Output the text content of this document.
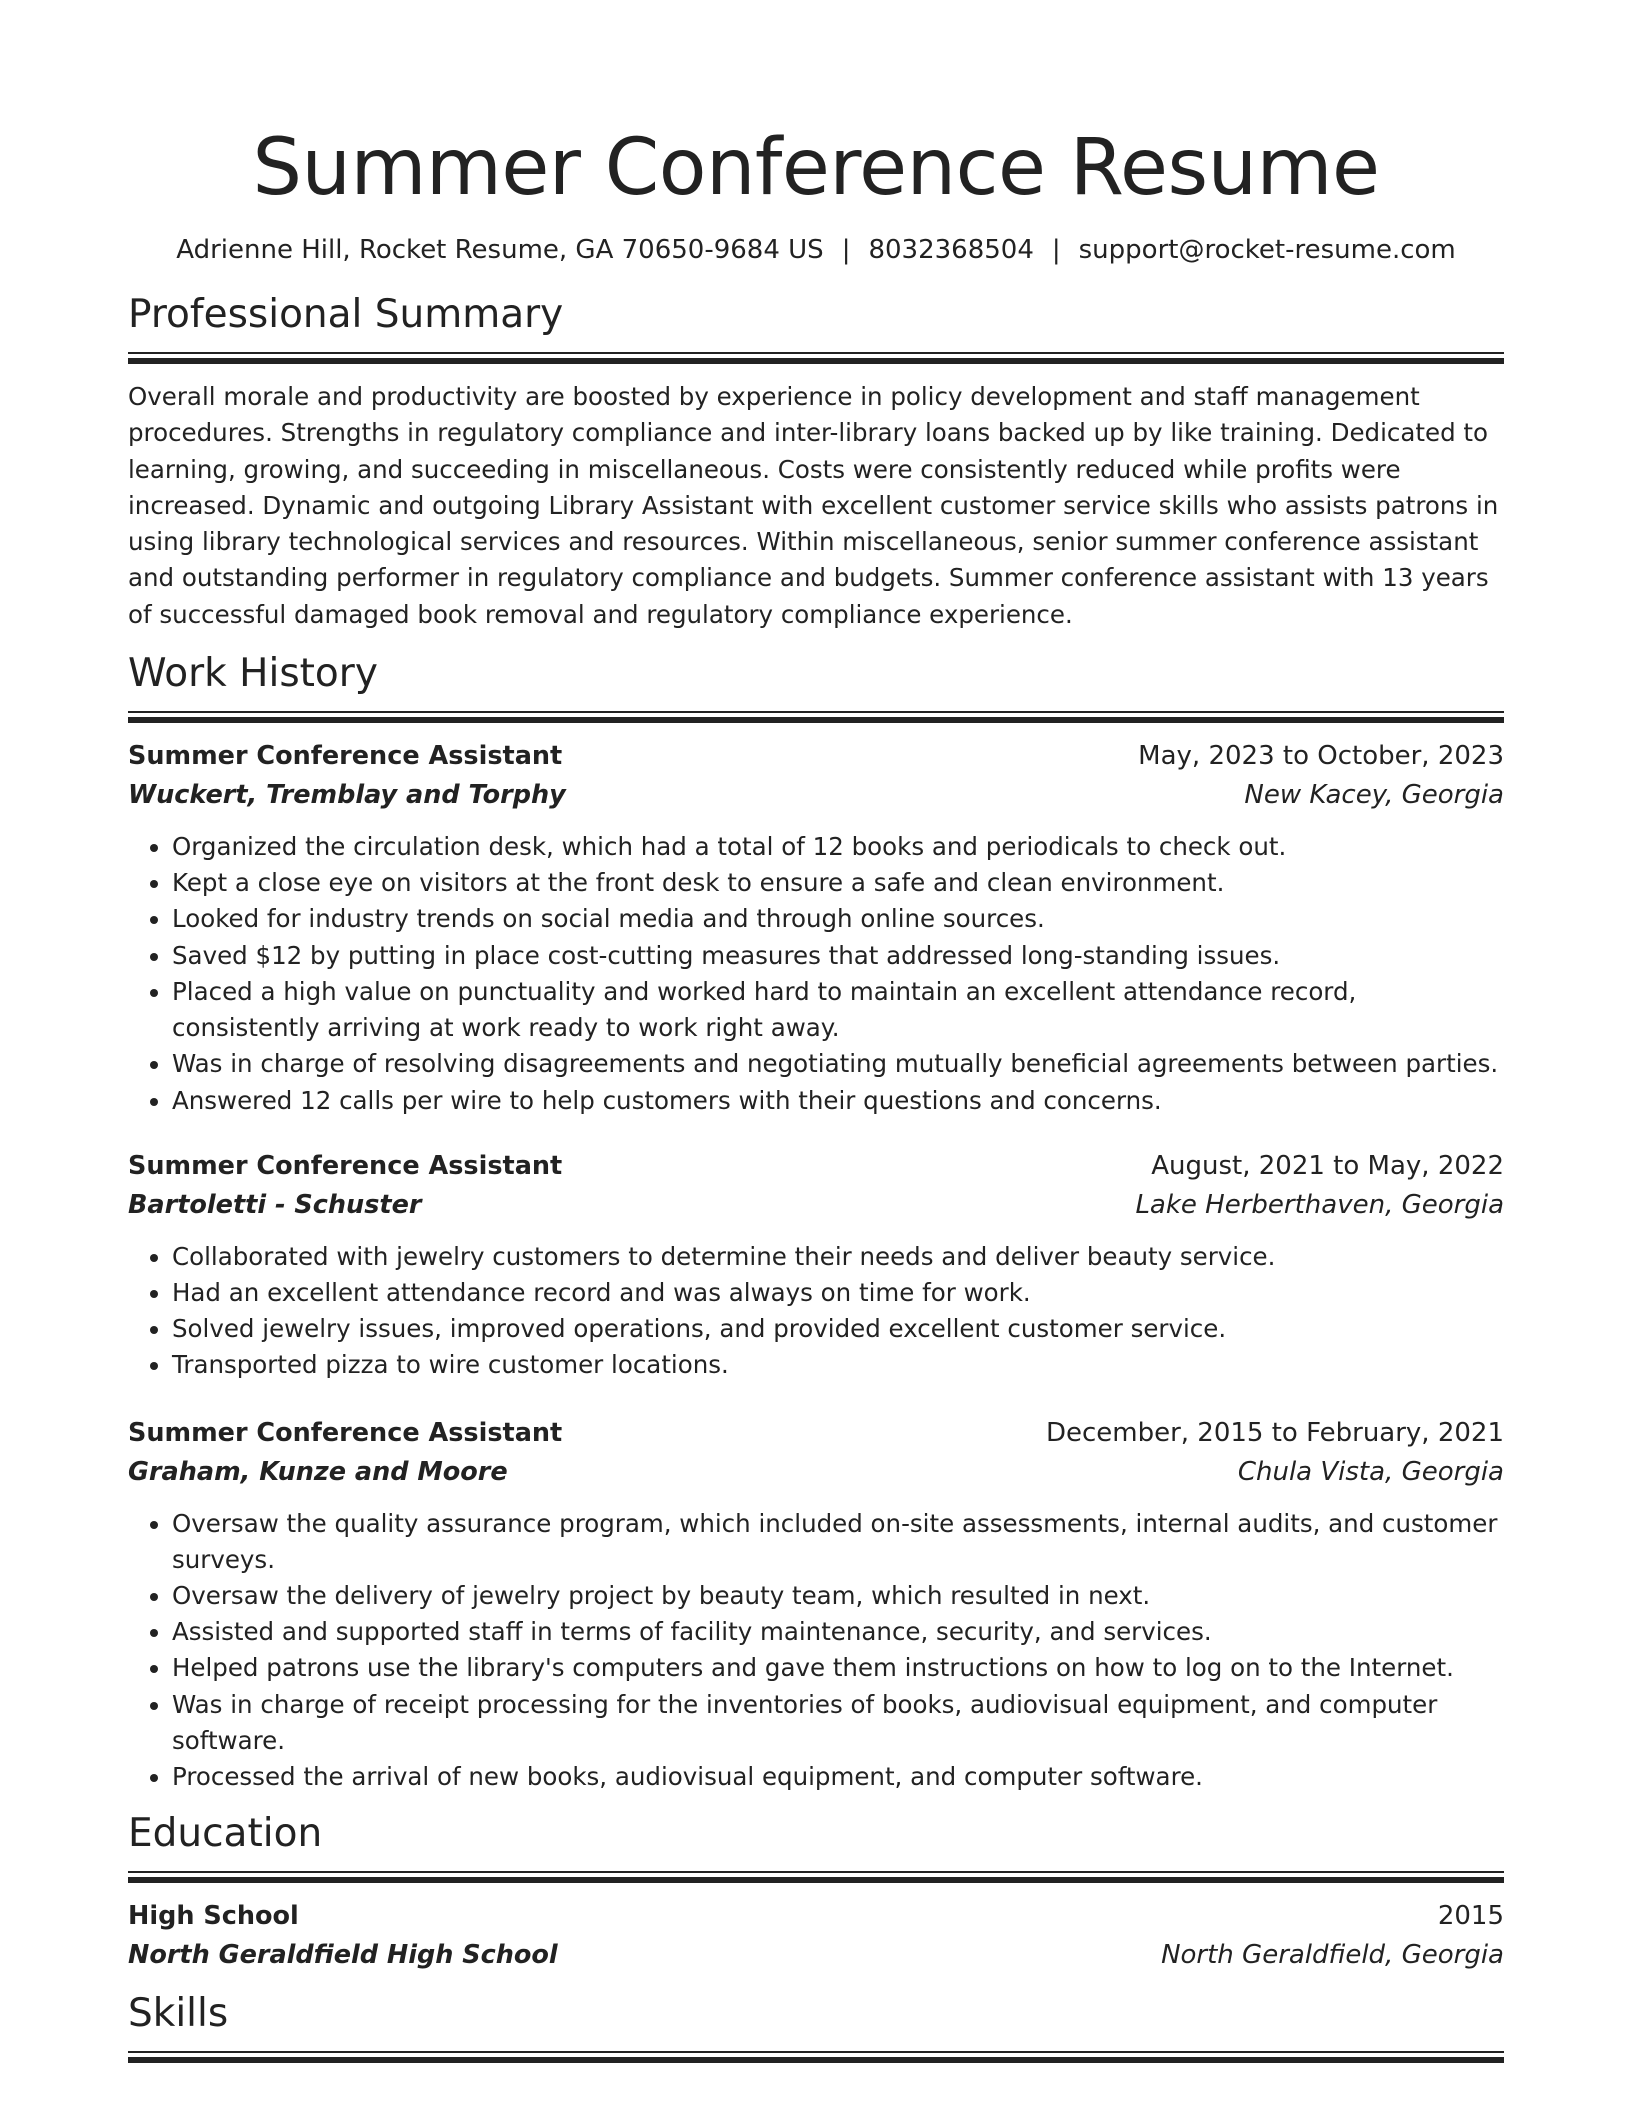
Summer Conference Resume
Adrienne Hill, Rocket Resume, GA 70650-9684 US | 8032368504 | support@rocket-resume.com
Professional Summary

Overall morale and productivity are boosted by experience in policy development and staff management procedures. Strengths in regulatory compliance and inter-library loans backed up by like training. Dedicated to learning, growing, and succeeding in miscellaneous. Costs were consistently reduced while profits were increased. Dynamic and outgoing Library Assistant with excellent customer service skills who assists patrons in using library technological services and resources. Within miscellaneous, senior summer conference assistant and outstanding performer in regulatory compliance and budgets. Summer conference assistant with 13 years of successful damaged book removal and regulatory compliance experience.

Work History
Summer Conference Assistant	May, 2023 to October, 2023
Wuckert, Tremblay and Torphy	New Kacey, Georgia
• Organized the circulation desk, which had a total of 12 books and periodicals to check out.
• Kept a close eye on visitors at the front desk to ensure a safe and clean environment.
• Looked for industry trends on social media and through online sources.
• Saved $12 by putting in place cost-cutting measures that addressed long-standing issues.
• Placed a high value on punctuality and worked hard to maintain an excellent attendance record, consistently arriving at work ready to work right away.
• Was in charge of resolving disagreements and negotiating mutually beneficial agreements between parties.
• Answered 12 calls per wire to help customers with their questions and concerns.
Summer Conference Assistant	August, 2021 to May, 2022
Bartoletti - Schuster	Lake Herberthaven, Georgia
• Collaborated with jewelry customers to determine their needs and deliver beauty service.
• Had an excellent attendance record and was always on time for work.
• Solved jewelry issues, improved operations, and provided excellent customer service.
• Transported pizza to wire customer locations.
Summer Conference Assistant	December, 2015 to February, 2021
Graham, Kunze and Moore	Chula Vista, Georgia
• Oversaw the quality assurance program, which included on-site assessments, internal audits, and customer surveys.
• Oversaw the delivery of jewelry project by beauty team, which resulted in next.
• Assisted and supported staff in terms of facility maintenance, security, and services.
• Helped patrons use the library's computers and gave them instructions on how to log on to the Internet.
• Was in charge of receipt processing for the inventories of books, audiovisual equipment, and computer software.
• Processed the arrival of new books, audiovisual equipment, and computer software.
Education
High School	2015
North Geraldfield High School	North Geraldfield, Georgia
Skills
